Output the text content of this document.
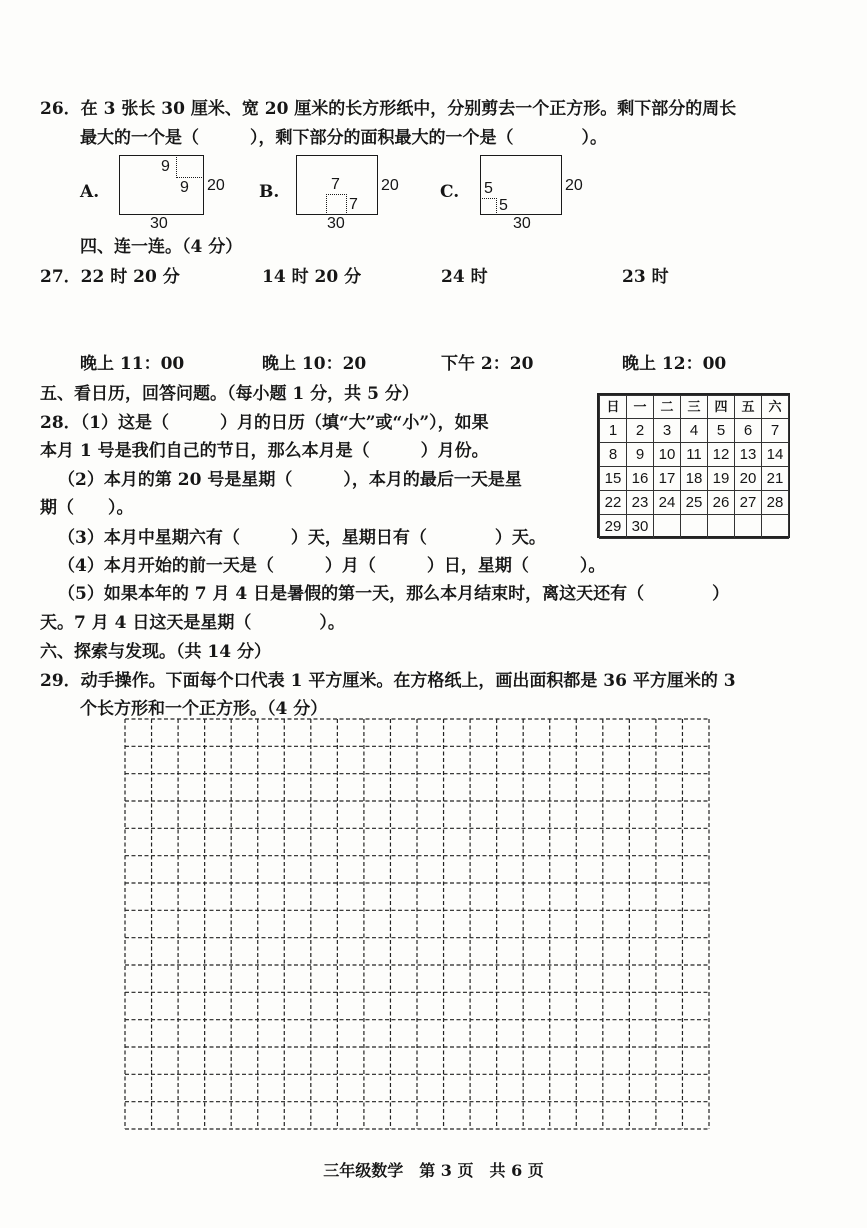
26．在 3 张长 30 厘米、宽 20 厘米的长方形纸中，分别剪去一个正方形。剩下部分的周长
最大的一个是（　　　），剩下部分的面积最大的一个是（　　　　）。
A.
9
9 20
30
B.	7
7
20
30
C. 5
5
20
30
四、连一连。（4 分）
27．22 时 20 分	14 时 20 分	24 时	23 时
晚上 11：00	晚上 10：20	下午 2：20	晚上 12：00
五、看日历，回答问题。（每小题 1 分，共 5 分）
28．（1）这是（　　　）月的日历（填“大”或“小”），如果
本月 1 号是我们自己的节日，那么本月是（　　　）月份。
（2）本月的第 20 号是星期（　　　），本月的最后一天是星
期（　　）。
（3）本月中星期六有（　　　）天，星期日有（　　　　）天。
（4）本月开始的前一天是（　　　）月（　　　）日，星期（　　　）。
（5）如果本年的 7 月 4 日是暑假的第一天，那么本月结束时，离这天还有（　　　　）
天。7 月 4 日这天是星期（　　　　）。
日	一	二	三	四	五	六
1	2	3	4	5	6	7
8	9 10 11 12 13 14
15 16 17 18 19 20 21
22 23 24 25 26 27 28
29 30
六、探索与发现。（共 14 分）
29．动手操作。下面每个口代表 1 平方厘米。在方格纸上，画出面积都是 36 平方厘米的 3
个长方形和一个正方形。（4 分）
三年级数学　第 3 页　共 6 页
